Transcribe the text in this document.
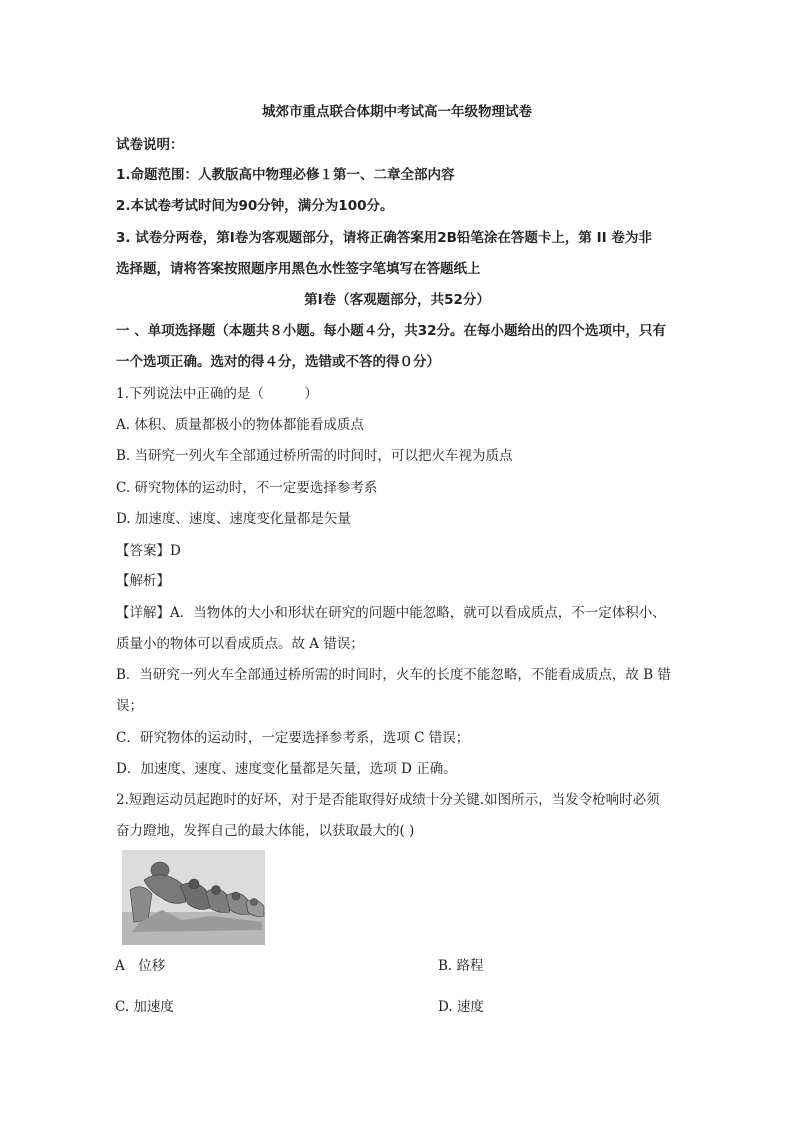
城郊市重点联合体期中考试高一年级物理试卷
试卷说明：
1.命题范围：人教版高中物理必修１第一、二章全部内容
2.本试卷考试时间为90分钟，满分为100分。
3. 试卷分两卷，第Ⅰ卷为客观题部分，请将正确答案用2B铅笔涂在答题卡上，第 II 卷为非
选择题，请将答案按照题序用黑色水性签字笔填写在答题纸上
第Ⅰ卷（客观题部分，共52分）
一 、单项选择题（本题共８小题。每小题４分，共32分。在每小题给出的四个选项中，只有
一个选项正确。选对的得４分，选错或不答的得０分）
1.下列说法中正确的是（　　　）
A. 体积、质量都极小的物体都能看成质点
B. 当研究一列火车全部通过桥所需的时间时，可以把火车视为质点
C. 研究物体的运动时，不一定要选择参考系
D. 加速度、速度、速度变化量都是矢量
【答案】D
【解析】
【详解】A．当物体的大小和形状在研究的问题中能忽略，就可以看成质点，不一定体积小、
质量小的物体可以看成质点。故 A 错误；
B．当研究一列火车全部通过桥所需的时间时，火车的长度不能忽略，不能看成质点，故 B 错
误；
C．研究物体的运动时，一定要选择参考系，选项 C 错误；
D．加速度、速度、速度变化量都是矢量，选项 D 正确。
2.短跑运动员起跑时的好坏，对于是否能取得好成绩十分关键.如图所示，当发令枪响时必须
奋力蹬地，发挥自己的最大体能，以获取最大的( )
A　位移	B. 路程
C. 加速度	D. 速度
